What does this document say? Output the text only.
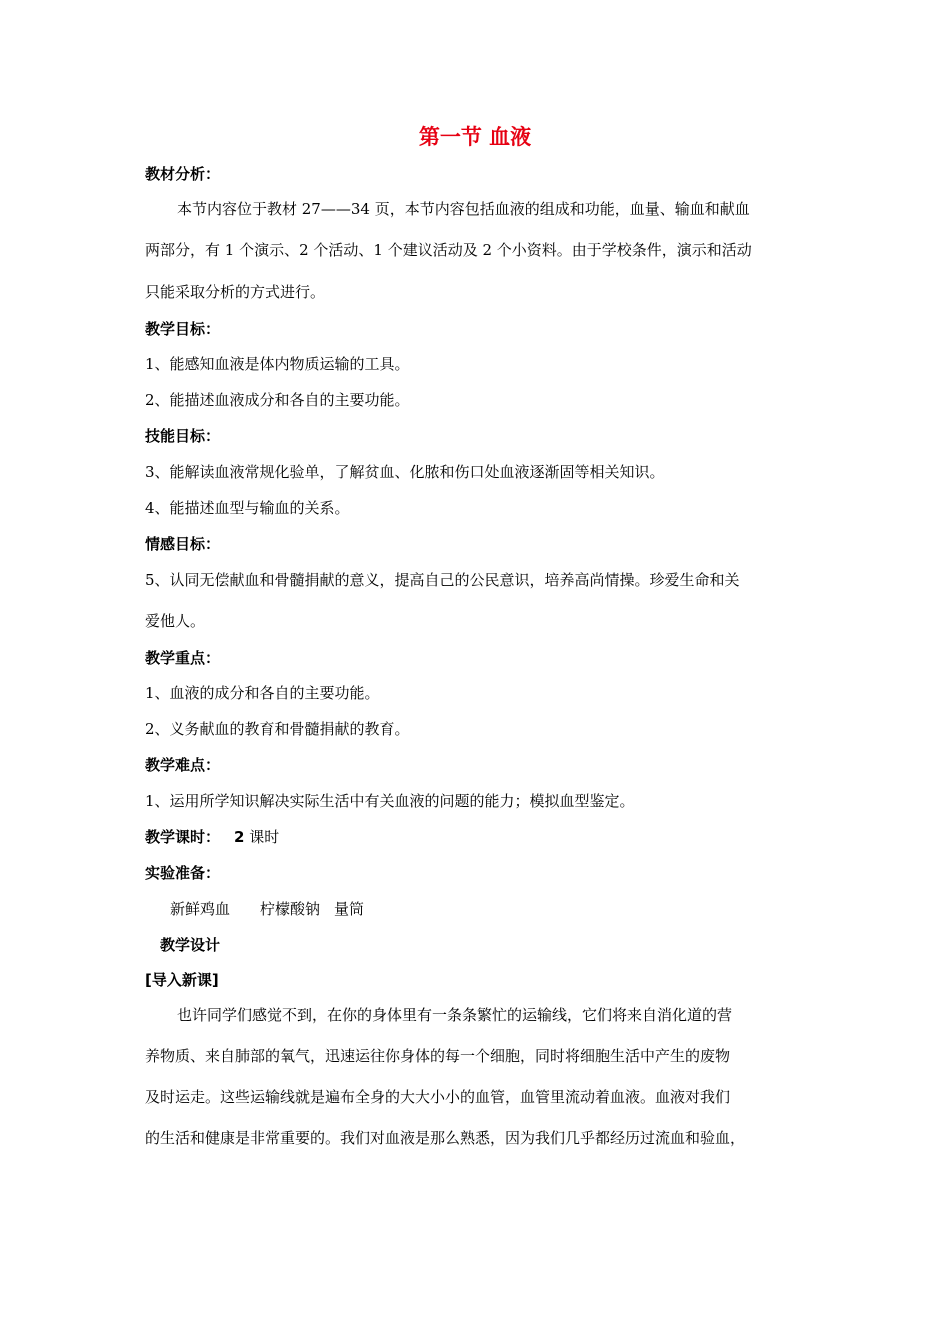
第一节 血液
教材分析：
本节内容位于教材 27——34 页，本节内容包括血液的组成和功能，血量、输血和献血
两部分，有 1 个演示、2 个活动、1 个建议活动及 2 个小资料。由于学校条件，演示和活动
只能采取分析的方式进行。
教学目标：
1、能感知血液是体内物质运输的工具。
2、能描述血液成分和各自的主要功能。
技能目标：
3、能解读血液常规化验单，了解贫血、化脓和伤口处血液逐渐固等相关知识。
4、能描述血型与输血的关系。
情感目标：
5、认同无偿献血和骨髓捐献的意义，提高自己的公民意识，培养高尚情操。珍爱生命和关
爱他人。
教学重点：
1、血液的成分和各自的主要功能。
2、义务献血的教育和骨髓捐献的教育。
教学难点：
1、运用所学知识解决实际生活中有关血液的问题的能力；模拟血型鉴定。
教学课时： 2 课时
实验准备：
新鲜鸡血 柠檬酸钠 量筒
教学设计
[导入新课]
也许同学们感觉不到，在你的身体里有一条条繁忙的运输线，它们将来自消化道的营
养物质、来自肺部的氧气，迅速运往你身体的每一个细胞，同时将细胞生活中产生的废物
及时运走。这些运输线就是遍布全身的大大小小的血管，血管里流动着血液。血液对我们
的生活和健康是非常重要的。我们对血液是那么熟悉，因为我们几乎都经历过流血和验血，
